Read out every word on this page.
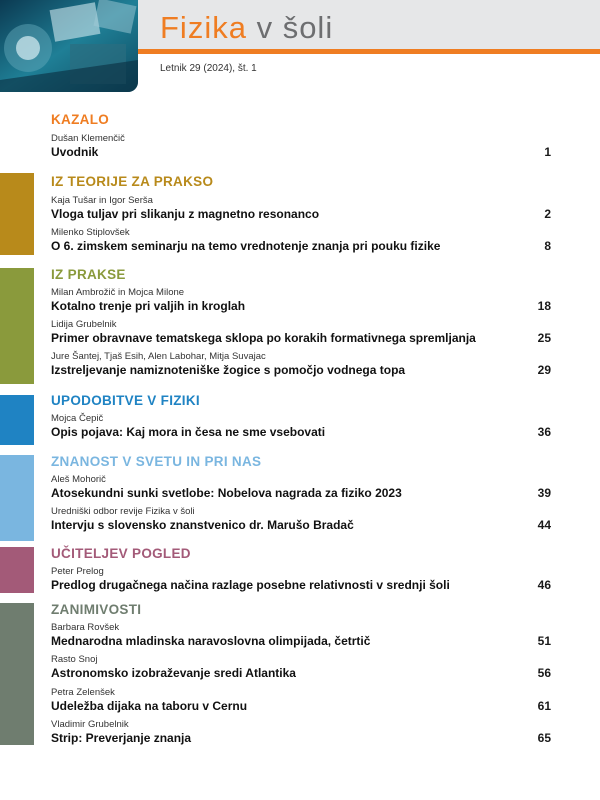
Fizika v šoli
Letnik 29 (2024), št. 1
KAZALO
Dušan Klemenčič
Uvodnik	1
IZ TEORIJE ZA PRAKSO
Kaja Tušar in Igor Serša
Vloga tuljav pri slikanju z magnetno resonanco	2
Milenko Stiplovšek
O 6. zimskem seminarju na temo vrednotenje znanja pri pouku fizike	8
IZ PRAKSE
Milan Ambrožič in Mojca Milone
Kotalno trenje pri valjih in kroglah	18
Lidija Grubelnik
Primer obravnave tematskega sklopa po korakih formativnega spremljanja	25
Jure Šantej, Tjaš Esih, Alen Labohar, Mitja Suvajac
Izstreljevanje namiznoteniške žogice s pomočjo vodnega topa	29
UPODOBITVE V FIZIKI
Mojca Čepič
Opis pojava: Kaj mora in česa ne sme vsebovati	36
ZNANOST V SVETU IN PRI NAS
Aleš Mohorič
Atosekundni sunki svetlobe: Nobelova nagrada za fiziko 2023	39
Uredniški odbor revije Fizika v šoli
Intervju s slovensko znanstvenico dr. Marušo Bradač	44
UČITELJEV POGLED
Peter Prelog
Predlog drugačnega načina razlage posebne relativnosti v srednji šoli	46
ZANIMIVOSTI
Barbara Rovšek
Mednarodna mladinska naravoslovna olimpijada, četrtič	51
Rasto Snoj
Astronomsko izobraževanje sredi Atlantika	56
Petra Zelenšek
Udeležba dijaka na taboru v Cernu	61
Vladimir Grubelnik
Strip: Preverjanje znanja	65
